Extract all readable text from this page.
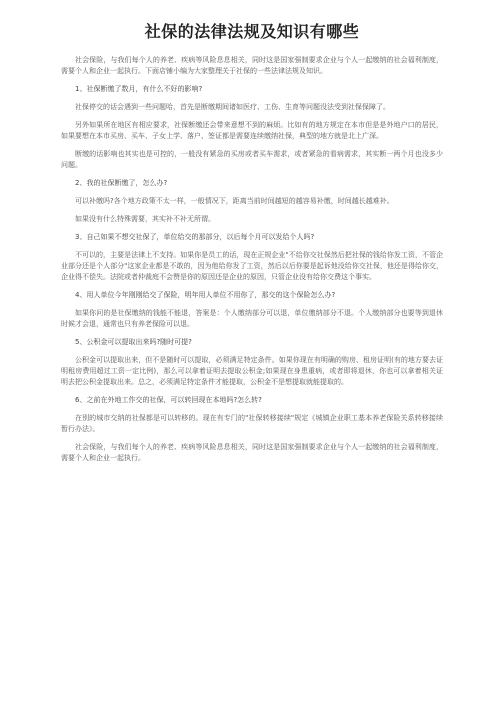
社保的法律法规及知识有哪些

社会保险，与我们每个人的养老、疾病等风险息息相关，同时这是国家强制要求企业与个人一起缴纳的社会福利制度，需要个人和企业一起执行。下面店铺小编为大家整理关于社保的一些法律法规及知识。

1、社保断缴了数月，有什么不好的影响?

社保停交的话会遇到一些问题哈，首先是断缴期间诸如医疗、工伤、生育等问题没法受到社保保障了。

另外如果所在地区有相应要求，社保断缴还会带来意想不到的麻烦。比如有的地方规定在本市但是是外地户口的居民，如果要想在本市买房、买车、子女上学、落户、签证都是需要连续缴纳社保，典型的地方就是北上广深。

断缴的话影响也其实也是可控的，一般没有紧急的买房或者买车需求，或者紧急的看病需求，其实断一两个月也没多少问题。

2、我的社保断缴了，怎么办?

可以补缴吗?各个地方政策不太一样，一般情况下，距离当前时间越短的越容易补缴，时间越长越难补。

如果没有什么特殊需要，其实补不补无所谓。

3、自己如果不想交社保了，单位给交的那部分，以后每个月可以发给个人吗?

不可以的，主要是法律上不支持。如果你是员工的话，现在正规企业"不给你交社保然后把社保的钱给你发工资，不管企业部分还是个人部分"这家企业都是不敢的，因为他给你发了工资，然后以后你要是起诉他没给你交社保，他还是得给你交，企业得不偿失。法院或者仲裁庭不会赞是你的原因还是企业的原因，只管企业没有给你交费这个事实。

4、用人单位今年刚刚给交了保险，明年用人单位不用你了，那交的这个保险怎么办?

如果你问的是社保缴纳的钱能不能退，答案是：个人缴纳部分可以退，单位缴纳部分不退。个人缴纳部分也要等到退休时候才会退，通常也只有养老保险可以退。

5、公积金可以提取出来吗?随时可提?

公积金可以提取出来，但不是随时可以提取，必须满足特定条件。如果你现在有明确的购房、租房证明(有的地方要去证明租房费用超过工资一定比例)，那么可以拿着证明去提取公积金;如果现在身患重病，或者即将退休，你也可以拿着相关证明去把公积金提取出来。总之，必须满足特定条件才能提取，公积金不是想提取就能提取的。

6、之前在外地工作交的社保，可以转回现在本地吗?怎么转?

在别的城市交纳的社保都是可以转移的。现在有专门的"社保转移接续"规定《城镇企业职工基本养老保险关系转移接续暂行办法》。

社会保险，与我们每个人的养老、疾病等风险息息相关，同时这是国家强制要求企业与个人一起缴纳的社会福利制度，需要个人和企业一起执行。
